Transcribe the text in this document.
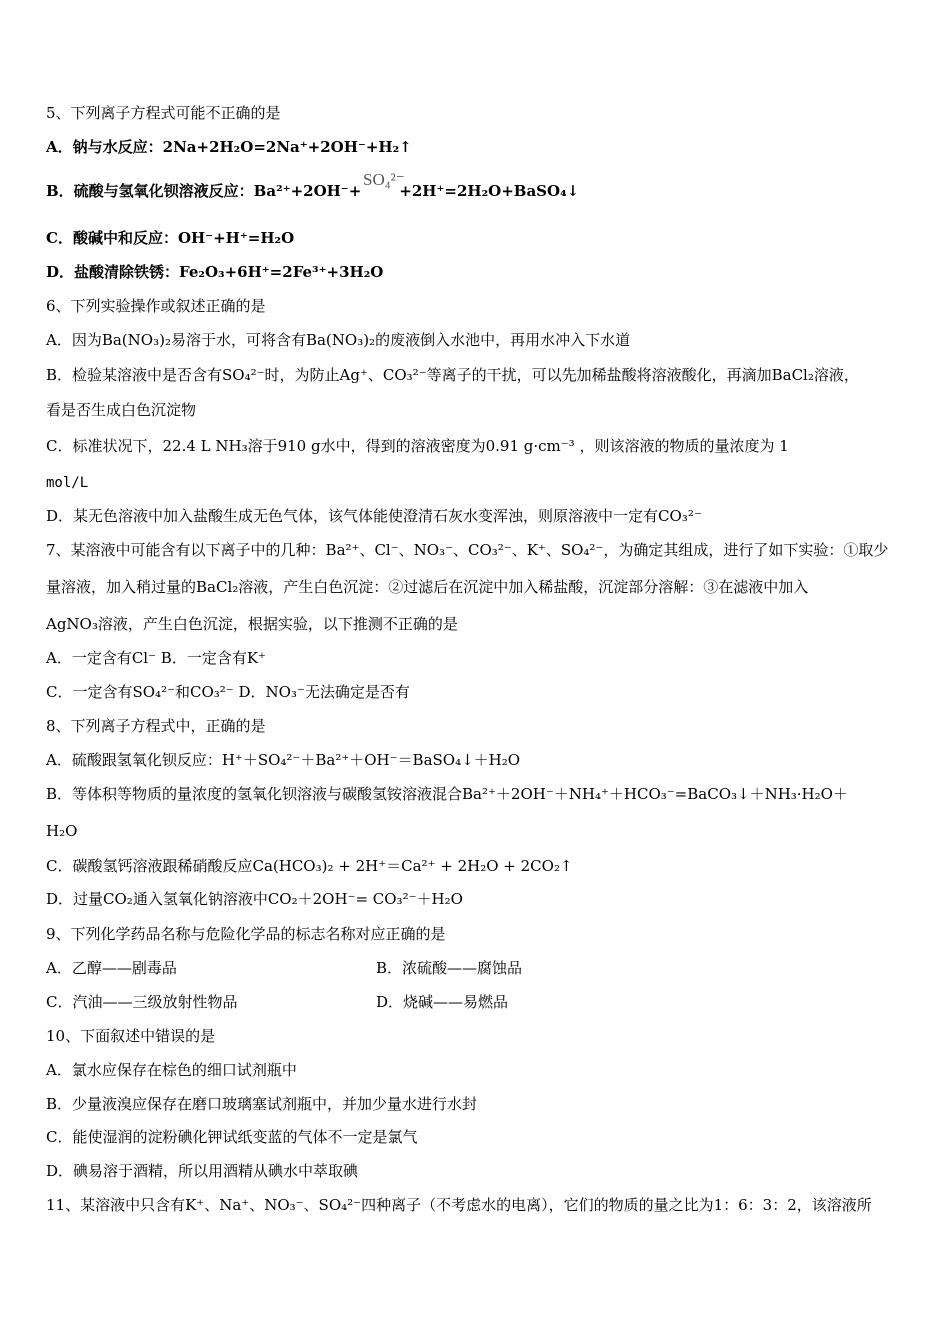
5、下列离子方程式可能不正确的是
A．钠与水反应：2Na+2H₂O=2Na⁺+2OH⁻+H₂↑
B．硫酸与氢氧化钡溶液反应：Ba²⁺+2OH⁻+	+2H⁺=2H₂O+BaSO₄↓
SO₄²⁻
C．酸碱中和反应：OH⁻+H⁺=H₂O
D．盐酸清除铁锈：Fe₂O₃+6H⁺=2Fe³⁺+3H₂O
6、下列实验操作或叙述正确的是
A．因为Ba(NO₃)₂易溶于水，可将含有Ba(NO₃)₂的废液倒入水池中，再用水冲入下水道
B．检验某溶液中是否含有SO₄²⁻时，为防止Ag⁺、CO₃²⁻等离子的干扰，可以先加稀盐酸将溶液酸化，再滴加BaCl₂溶液，
看是否生成白色沉淀物
C．标准状况下，22.4 L NH₃溶于910 g水中，得到的溶液密度为0.91 g·cm⁻³ ，则该溶液的物质的量浓度为 1
mol/L
D．某无色溶液中加入盐酸生成无色气体，该气体能使澄清石灰水变浑浊，则原溶液中一定有CO₃²⁻
7、某溶液中可能含有以下离子中的几种：Ba²⁺、Cl⁻、NO₃⁻、CO₃²⁻、K⁺、SO₄²⁻，为确定其组成，进行了如下实验：①取少
量溶液，加入稍过量的BaCl₂溶液，产生白色沉淀：②过滤后在沉淀中加入稀盐酸，沉淀部分溶解：③在滤液中加入
AgNO₃溶液，产生白色沉淀，根据实验，以下推测不正确的是
A．一定含有Cl⁻ B．一定含有K⁺
C．一定含有SO₄²⁻和CO₃²⁻ D．NO₃⁻无法确定是否有
8、下列离子方程式中，正确的是
A．硫酸跟氢氧化钡反应：H⁺＋SO₄²⁻＋Ba²⁺＋OH⁻＝BaSO₄↓＋H₂O
B．等体积等物质的量浓度的氢氧化钡溶液与碳酸氢铵溶液混合Ba²⁺＋2OH⁻＋NH₄⁺＋HCO₃⁻=BaCO₃↓＋NH₃·H₂O＋
H₂O
C．碳酸氢钙溶液跟稀硝酸反应Ca(HCO₃)₂ + 2H⁺＝Ca²⁺ + 2H₂O + 2CO₂↑
D．过量CO₂通入氢氧化钠溶液中CO₂＋2OH⁻= CO₃²⁻＋H₂O
9、下列化学药品名称与危险化学品的标志名称对应正确的是
A．乙醇——剧毒品	B．浓硫酸——腐蚀品
C．汽油——三级放射性物品	D．烧碱——易燃品
10、下面叙述中错误的是
A．氯水应保存在棕色的细口试剂瓶中
B．少量液溴应保存在磨口玻璃塞试剂瓶中，并加少量水进行水封
C．能使湿润的淀粉碘化钾试纸变蓝的气体不一定是氯气
D．碘易溶于酒精，所以用酒精从碘水中萃取碘
11、某溶液中只含有K⁺、Na⁺、NO₃⁻、SO₄²⁻四种离子（不考虑水的电离），它们的物质的量之比为1：6：3：2，该溶液所
